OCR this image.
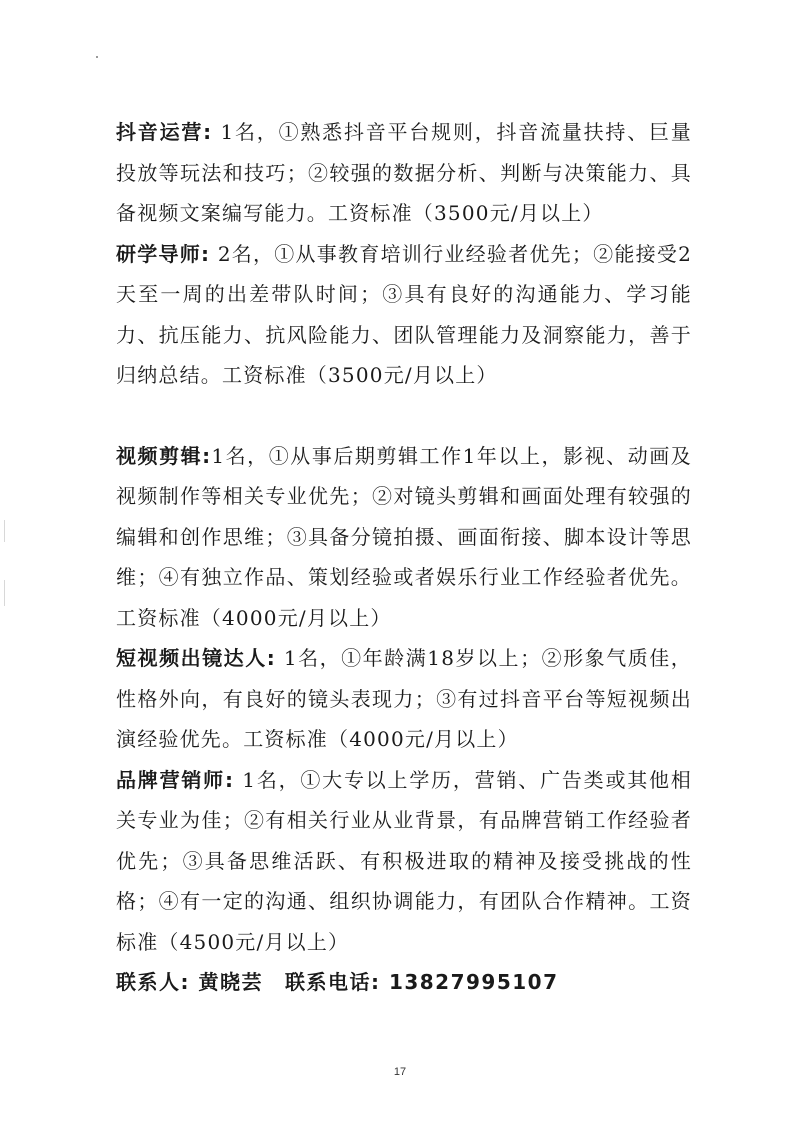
抖音运营: 1名，①熟悉抖音平台规则，抖音流量扶持、巨量投放等玩法和技巧；②较强的数据分析、判断与决策能力、具备视频文案编写能力。工资标准（3500元/月以上）

研学导师: 2名，①从事教育培训行业经验者优先；②能接受2天至一周的出差带队时间；③具有良好的沟通能力、学习能力、抗压能力、抗风险能力、团队管理能力及洞察能力，善于归纳总结。工资标准（3500元/月以上）

视频剪辑:1名，①从事后期剪辑工作1年以上，影视、动画及视频制作等相关专业优先；②对镜头剪辑和画面处理有较强的编辑和创作思维；③具备分镜拍摄、画面衔接、脚本设计等思维；④有独立作品、策划经验或者娱乐行业工作经验者优先。工资标准（4000元/月以上）

短视频出镜达人: 1名，①年龄满18岁以上；②形象气质佳，性格外向，有良好的镜头表现力；③有过抖音平台等短视频出演经验优先。工资标准（4000元/月以上）

品牌营销师: 1名，①大专以上学历，营销、广告类或其他相关专业为佳；②有相关行业从业背景，有品牌营销工作经验者优先；③具备思维活跃、有积极进取的精神及接受挑战的性格；④有一定的沟通、组织协调能力，有团队合作精神。工资标准（4500元/月以上）

联系人: 黄晓芸 联系电话: 13827995107

17
